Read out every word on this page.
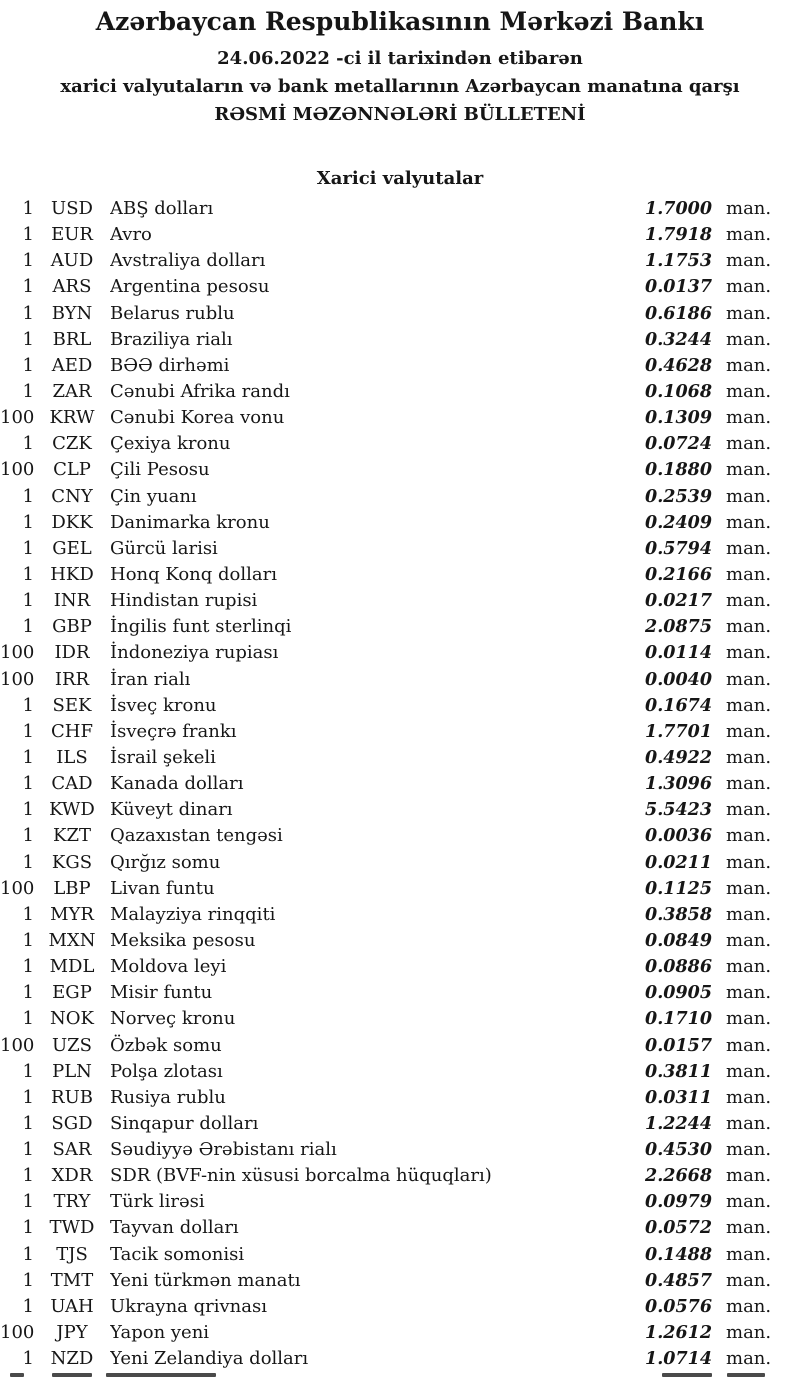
Azərbaycan Respublikasının Mərkəzi Bankı
24.06.2022 -ci il tarixindən etibarən
xarici valyutaların və bank metallarının Azərbaycan manatına qarşı
RƏSMİ MƏZƏNNƏLƏRİ BÜLLETENİ
Xarici valyutalar
1 USD ABŞ dolları	1.7000 man.
1 EUR Avro	1.7918 man.
1 AUD Avstraliya dolları	1.1753 man.
1	ARS	Argentina pesosu	0.0137 man.
1 BYN Belarus rublu	0.6186 man.
1	BRL	Braziliya rialı	0.3244 man.
1 AED BƏƏ dirhəmi	0.4628 man.
1	ZAR	Cənubi Afrika randı	0.1068 man.
100 KRW Cənubi Korea vonu	0.1309 man.
1	CZK	Çexiya kronu	0.0724 man.
100	CLP	Çili Pesosu	0.1880 man.
1 CNY Çin yuanı	0.2539 man.
1 DKK Danimarka kronu	0.2409 man.
1	GEL	Gürcü larisi	0.5794 man.
1 HKD Honq Konq dolları	0.2166 man.
1	INR	Hindistan rupisi	0.0217 man.
1	GBP	İngilis funt sterlinqi	2.0875 man.
100	IDR	İndoneziya rupiası	0.0114 man.
100	IRR	İran rialı	0.0040 man.
1	SEK	İsveç kronu	0.1674 man.
1 CHF İsveçrə frankı	1.7701 man.
1	ILS	İsrail şekeli	0.4922 man.
1 CAD Kanada dolları	1.3096 man.
1 KWD Küveyt dinarı	5.5423 man.
1	KZT	Qazaxıstan tengəsi	0.0036 man.
1 KGS Qırğız somu	0.0211 man.
100	LBP	Livan funtu	0.1125 man.
1 MYR Malayziya rinqqiti	0.3858 man.
1 MXN Meksika pesosu	0.0849 man.
1 MDL Moldova leyi	0.0886 man.
1	EGP	Misir funtu	0.0905 man.
1 NOK Norveç kronu	0.1710 man.
100 UZS	Özbək somu	0.0157 man.
1	PLN	Polşa zlotası	0.3811 man.
1 RUB Rusiya rublu	0.0311 man.
1 SGD Sinqapur dolları	1.2244 man.
1	SAR	Səudiyyə Ərəbistanı rialı	0.4530 man.
1 XDR SDR (BVF-nin xüsusi borcalma hüquqları)	2.2668 man.
1	TRY	Türk lirəsi	0.0979 man.
1 TWD Tayvan dolları	0.0572 man.
1	TJS	Tacik somonisi	0.1488 man.
1 TMT Yeni türkmən manatı	0.4857 man.
1 UAH Ukrayna qrivnası	0.0576 man.
100	JPY	Yapon yeni	1.2612 man.
1 NZD Yeni Zelandiya dolları	1.0714 man.
